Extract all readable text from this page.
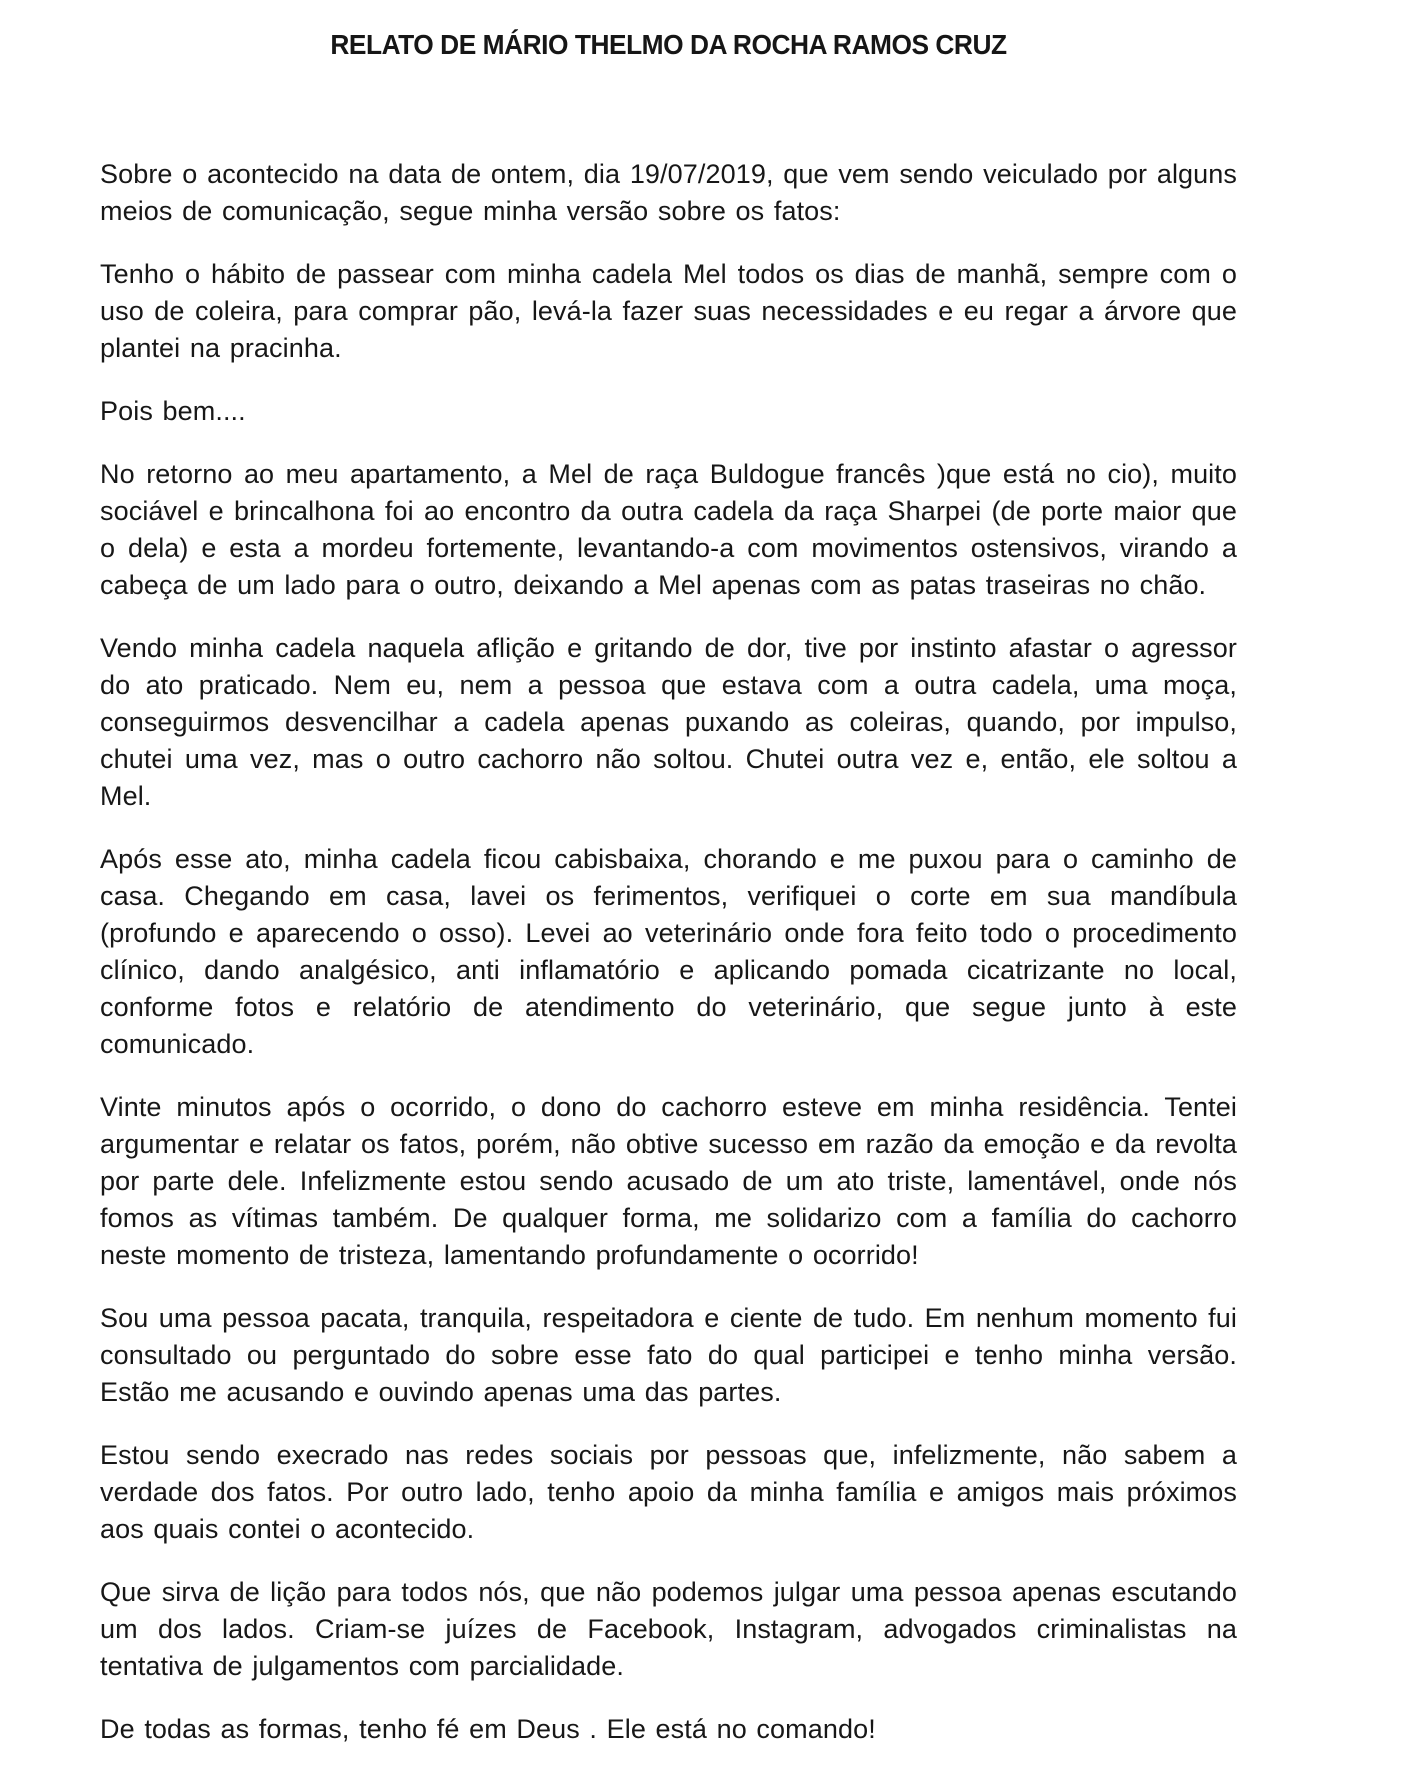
RELATO DE MÁRIO THELMO DA ROCHA RAMOS CRUZ

Sobre o acontecido na data de ontem, dia 19/07/2019, que vem sendo veiculado por alguns meios de comunicação, segue minha versão sobre os fatos:

Tenho o hábito de passear com minha cadela Mel todos os dias de manhã, sempre com o uso de coleira, para comprar pão, levá-la fazer suas necessidades e eu regar a árvore que plantei na pracinha.

Pois bem....

No retorno ao meu apartamento, a Mel de raça Buldogue francês )que está no cio), muito sociável e brincalhona foi ao encontro da outra cadela da raça Sharpei (de porte maior que o dela) e esta a mordeu fortemente, levantando-a com movimentos ostensivos, virando a cabeça de um lado para o outro, deixando a Mel apenas com as patas traseiras no chão.

Vendo minha cadela naquela aflição e gritando de dor, tive por instinto afastar o agressor do ato praticado. Nem eu, nem a pessoa que estava com a outra cadela, uma moça, conseguirmos desvencilhar a cadela apenas puxando as coleiras, quando, por impulso, chutei uma vez, mas o outro cachorro não soltou. Chutei outra vez e, então, ele soltou a Mel.

Após esse ato, minha cadela ficou cabisbaixa, chorando e me puxou para o caminho de casa. Chegando em casa, lavei os ferimentos, verifiquei o corte em sua mandíbula (profundo e aparecendo o osso). Levei ao veterinário onde fora feito todo o procedimento clínico, dando analgésico, anti inflamatório e aplicando pomada cicatrizante no local, conforme fotos e relatório de atendimento do veterinário, que segue junto à este comunicado.

Vinte minutos após o ocorrido, o dono do cachorro esteve em minha residência. Tentei argumentar e relatar os fatos, porém, não obtive sucesso em razão da emoção e da revolta por parte dele. Infelizmente estou sendo acusado de um ato triste, lamentável, onde nós fomos as vítimas também. De qualquer forma, me solidarizo com a família do cachorro neste momento de tristeza, lamentando profundamente o ocorrido!

Sou uma pessoa pacata, tranquila, respeitadora e ciente de tudo. Em nenhum momento fui consultado ou perguntado do sobre esse fato do qual participei e tenho minha versão. Estão me acusando e ouvindo apenas uma das partes.

Estou sendo execrado nas redes sociais por pessoas que, infelizmente, não sabem a verdade dos fatos. Por outro lado, tenho apoio da minha família e amigos mais próximos aos quais contei o acontecido.

Que sirva de lição para todos nós, que não podemos julgar uma pessoa apenas escutando um dos lados. Criam-se juízes de Facebook, Instagram, advogados criminalistas na tentativa de julgamentos com parcialidade.

De todas as formas, tenho fé em Deus . Ele está no comando!
